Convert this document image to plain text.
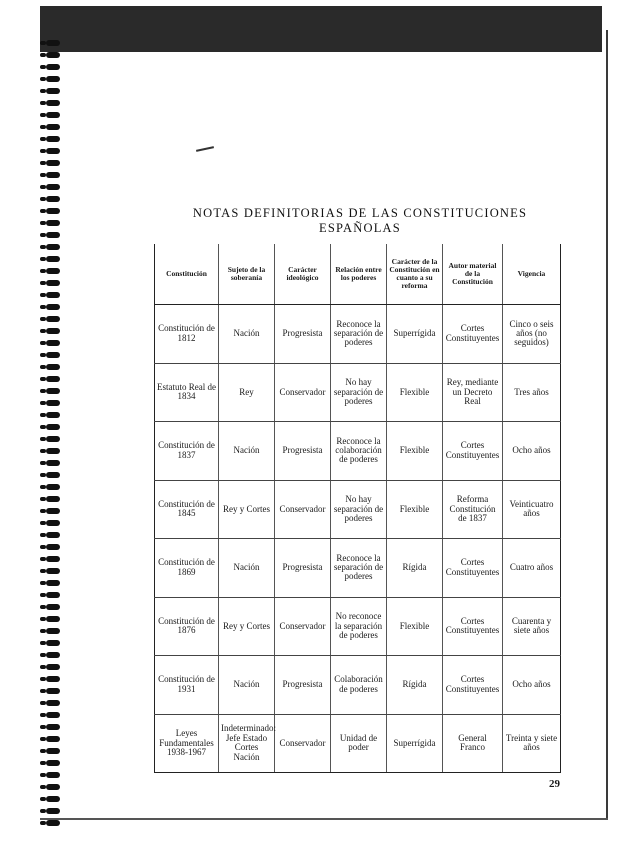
NOTAS DEFINITORIAS DE LAS CONSTITUCIONES ESPAÑOLAS
Constitución	Sujeto de la soberanía	Carácter ideológico	Relación entre los poderes	Carácter de la Constitución en cuanto a su reforma	Autor material de la Constitución	Vigencia
Constitución de 1812	Nación	Progresista	Reconoce la separación de poderes	Superrígida	Cortes Constituyentes	Cinco o seis años (no seguidos)
Estatuto Real de 1834	Rey	Conservador	No hay separación de poderes	Flexible	Rey, mediante un Decreto Real	Tres años
Constitución de 1837	Nación	Progresista	Reconoce la colaboración de poderes	Flexible	Cortes Constituyentes	Ocho años
Constitución de 1845	Rey y Cortes	Conservador	No hay separación de poderes	Flexible	Reforma Constitución de 1837	Veinticuatro años
Constitución de 1869	Nación	Progresista	Reconoce la separación de poderes	Rígida	Cortes Constituyentes	Cuatro años
Constitución de 1876	Rey y Cortes	Conservador	No reconoce la separación de poderes	Flexible	Cortes Constituyentes	Cuarenta y siete años
Constitución de 1931	Nación	Progresista	Colaboración de poderes	Rígida	Cortes Constituyentes	Ocho años
Leyes Fundamentales 1938-1967	Indeterminado: Jefe Estado Cortes Nación	Conservador	Unidad de poder	Superrígida	General Franco	Treinta y siete años
29
